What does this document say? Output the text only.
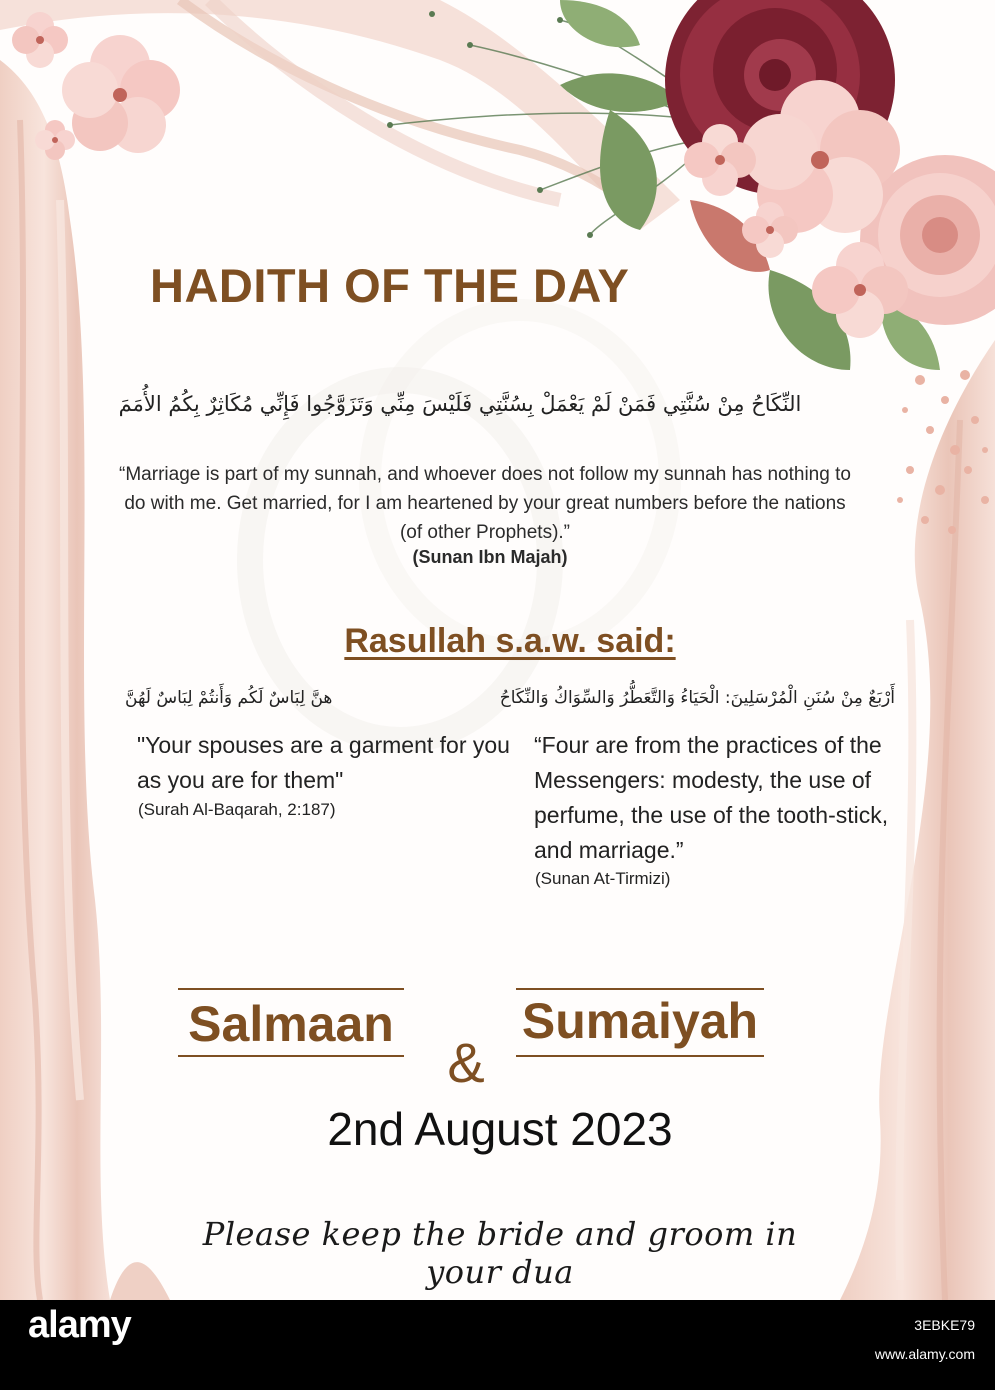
HADITH OF THE DAY
النِّكَاحُ مِنْ سُنَّتِي فَمَنْ لَمْ يَعْمَلْ بِسُنَّتِي فَلَيْسَ مِنِّي وَتَزَوَّجُوا فَإِنِّي مُكَاثِرٌ بِكُمُ الأُمَمَ
“Marriage is part of my sunnah, and whoever does not follow my sunnah has nothing to do with me. Get married, for I am heartened by your great numbers before the nations (of other Prophets).”
(Sunan Ibn Majah)
Rasullah s.a.w. said:
هنَّ لِبَاسٌ لَكُم وَأَنتُمْ لِبَاسٌ لَهُنَّ
"Your spouses are a garment for you as you are for them"
(Surah Al-Baqarah, 2:187)
أَرْبَعٌ مِنْ سُنَنِ الْمُرْسَلِينَ: الْحَيَاءُ وَالتَّعَطُّرُ وَالسِّوَاكُ وَالنِّكَاحُ
“Four are from the practices of the Messengers: modesty, the use of perfume, the use of the tooth-stick, and marriage.”
(Sunan At-Tirmizi)
Salmaan
&
Sumaiyah
2nd August 2023
Please keep the bride and groom in your dua
alamy	3EBKE79
www.alamy.com
